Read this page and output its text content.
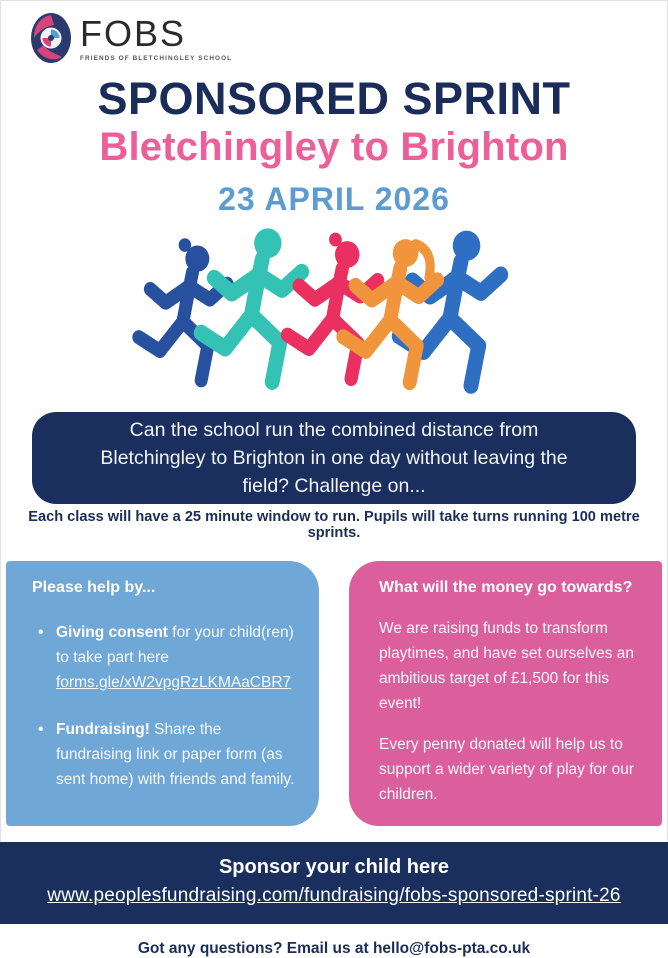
FOBS
FRIENDS OF BLETCHINGLEY SCHOOL
SPONSORED SPRINT
Bletchingley to Brighton
23 APRIL 2026

Can the school run the combined distance from Bletchingley to Brighton in one day without leaving the field? Challenge on...

Each class will have a 25 minute window to run. Pupils will take turns running 100 metre sprints.

Please help by...
• Giving consent for your child(ren) to take part here
forms.gle/xW2vpgRzLKMAaCBR7
• Fundraising! Share the fundraising link or paper form (as sent home) with friends and family.
What will the money go towards?

We are raising funds to transform playtimes, and have set ourselves an ambitious target of £1,500 for this event!

Every penny donated will help us to support a wider variety of play for our children.

Sponsor your child here
www.peoplesfundraising.com/fundraising/fobs-sponsored-sprint-26

Got any questions? Email us at hello@fobs-pta.co.uk
